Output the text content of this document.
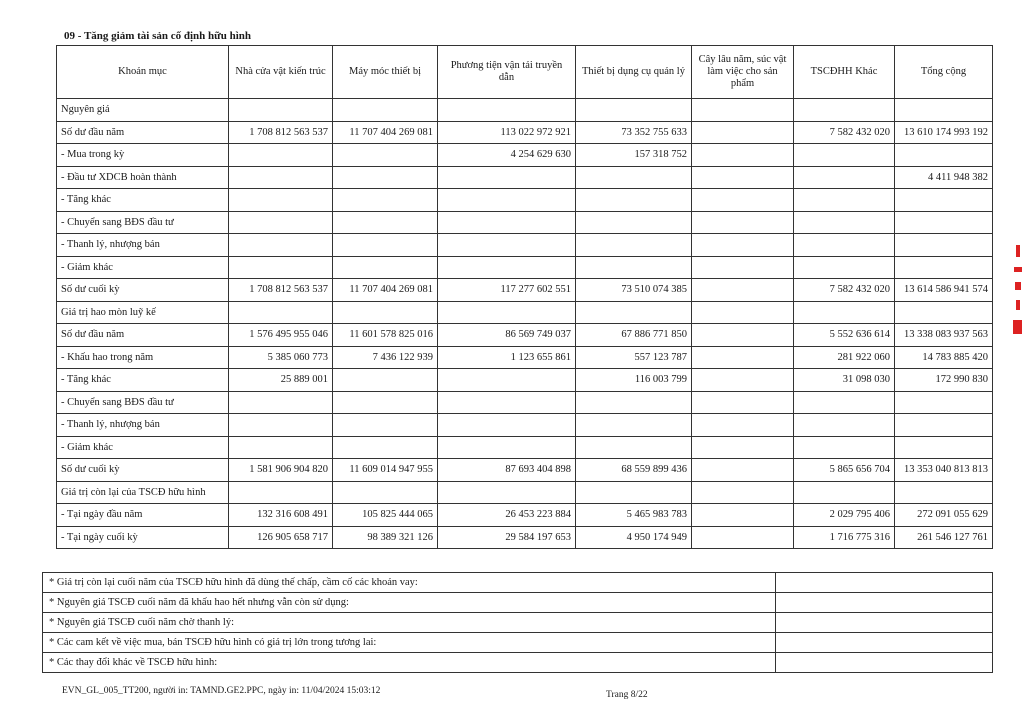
09 - Tăng giảm tài sản cố định hữu hình
Khoản mục	Nhà cửa vật kiến trúc	Máy móc thiết bị	Phương tiện vận tải truyền dẫn	Thiết bị dụng cụ quản lý	Cây lâu năm, súc vật làm việc cho sản phẩm	TSCĐHH Khác	Tổng cộng
Nguyên giá							
Số dư đầu năm	1 708 812 563 537	11 707 404 269 081	113 022 972 921	73 352 755 633		7 582 432 020	13 610 174 993 192
- Mua trong kỳ			4 254 629 630	157 318 752			
- Đầu tư XDCB hoàn thành							4 411 948 382
- Tăng khác							
- Chuyển sang BĐS đầu tư							
- Thanh lý, nhượng bán							
- Giảm khác							
Số dư cuối kỳ	1 708 812 563 537	11 707 404 269 081	117 277 602 551	73 510 074 385		7 582 432 020	13 614 586 941 574
Giá trị hao mòn luỹ kế							
Số dư đầu năm	1 576 495 955 046	11 601 578 825 016	86 569 749 037	67 886 771 850		5 552 636 614	13 338 083 937 563
- Khấu hao trong năm	5 385 060 773	7 436 122 939	1 123 655 861	557 123 787		281 922 060	14 783 885 420
- Tăng khác	25 889 001			116 003 799		31 098 030	172 990 830
- Chuyển sang BĐS đầu tư							
- Thanh lý, nhượng bán							
- Giảm khác							
Số dư cuối kỳ	1 581 906 904 820	11 609 014 947 955	87 693 404 898	68 559 899 436		5 865 656 704	13 353 040 813 813
Giá trị còn lại của TSCĐ hữu hình							
- Tại ngày đầu năm	132 316 608 491	105 825 444 065	26 453 223 884	5 465 983 783		2 029 795 406	272 091 055 629
- Tại ngày cuối kỳ	126 905 658 717	98 389 321 126	29 584 197 653	4 950 174 949		1 716 775 316	261 546 127 761
* Giá trị còn lại cuối năm của TSCĐ hữu hình đã dùng thế chấp, cầm cố các khoản vay:	
* Nguyên giá TSCĐ cuối năm đã khấu hao hết nhưng vẫn còn sử dụng:	
* Nguyên giá TSCĐ cuối năm chờ thanh lý:	
* Các cam kết về việc mua, bán TSCĐ hữu hình có giá trị lớn trong tương lai:	
* Các thay đổi khác về TSCĐ hữu hình:	
EVN_GL_005_TT200, người in: TAMND.GE2.PPC, ngày in: 11/04/2024 15:03:12	Trang 8/22
